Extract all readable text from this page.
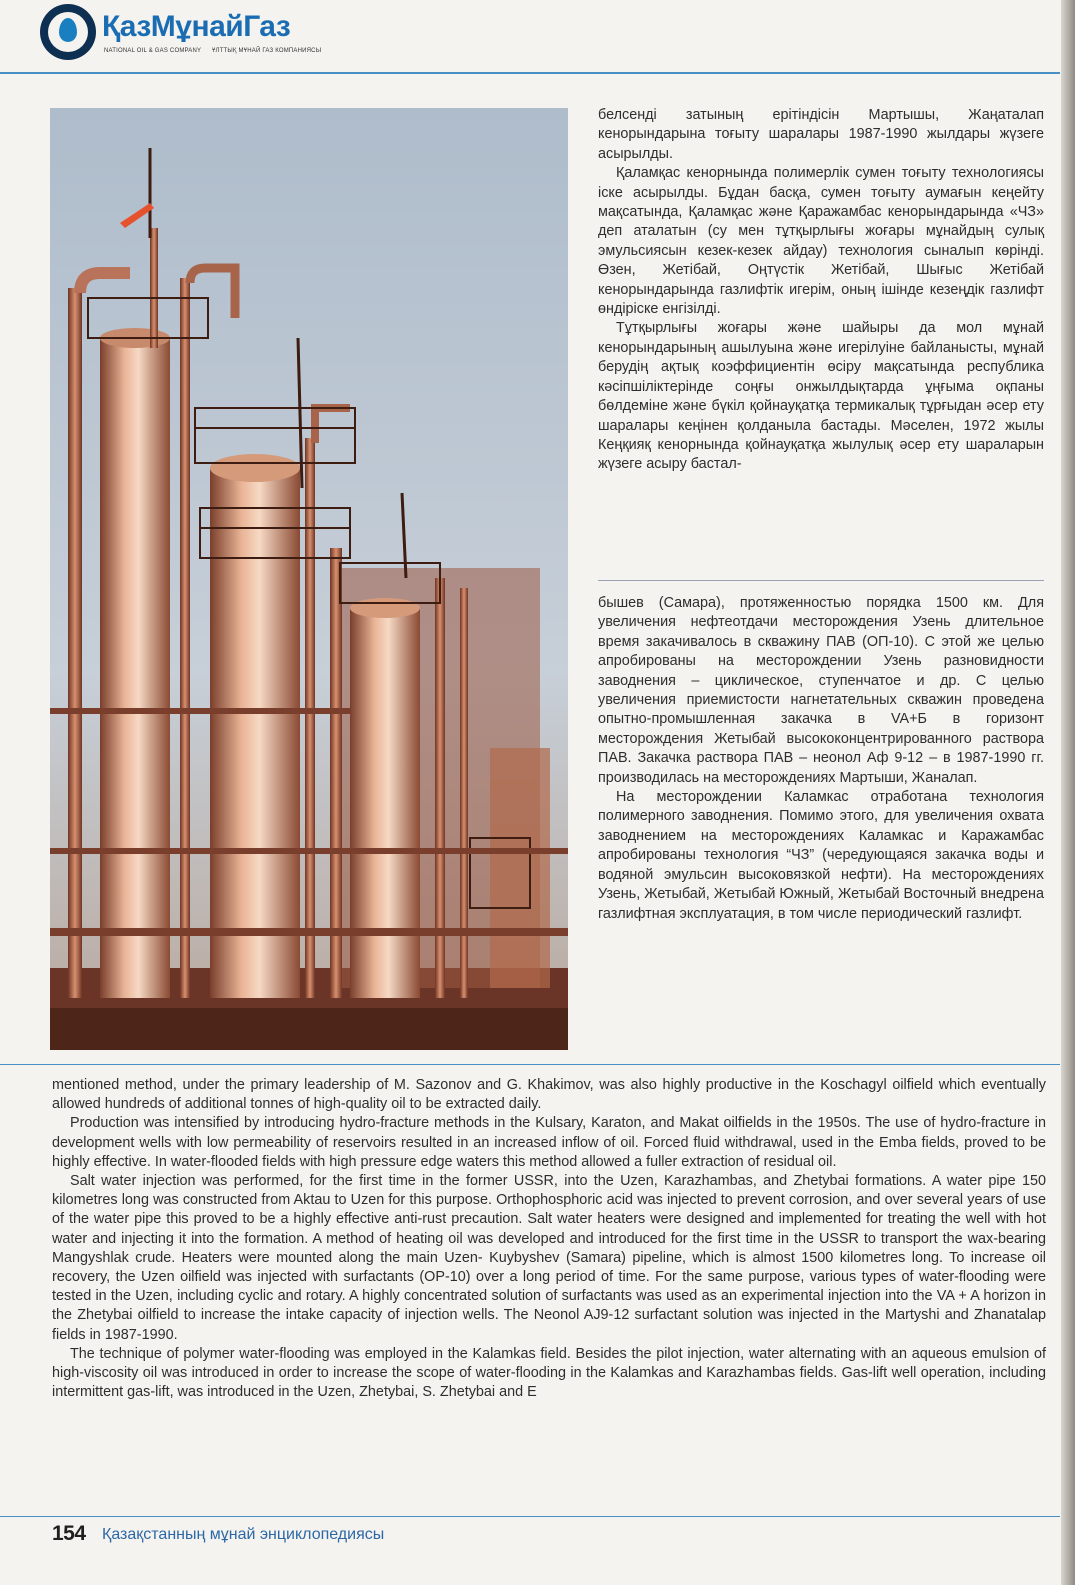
ҚазМұнайГаз
NATIONAL OIL & GAS COMPANY ҰЛТТЫҚ МҰНАЙ ГАЗ КОМПАНИЯСЫ

белсенді затының ерітіндісін Мартышы, Жаңаталап кенорындарына тоғыту шаралары 1987-1990 жылдары жүзеге асырылды.

Қаламқас кенорнында полимерлік сумен тоғыту технологиясы іске асырылды. Бұдан басқа, сумен тоғыту аумағын кеңейту мақсатында, Қаламқас және Қаражамбас кенорындарында «ЧЗ» деп аталатын (су мен тұтқырлығы жоғары мұнайдың сулық эмульсиясын кезек-кезек айдау) технология сыналып көрінді. Өзен, Жетібай, Оңтүстік Жетібай, Шығыс Жетібай кенорындарында газлифтік игерім, оның ішінде кезеңдік газлифт өндіріске енгізілді.

Тұтқырлығы жоғары және шайыры да мол мұнай кенорындарының ашылуына және игерілуіне байланысты, мұнай берудің ақтық коэффициентін өсіру мақсатында республика кәсіпшіліктерінде соңғы онжылдықтарда ұңғыма оқпаны бөлдеміне және бүкіл қойнауқатқа термикалық тұрғыдан әсер ету шаралары кеңінен қолданыла бастады. Мәселен, 1972 жылы Кеңқияқ кенорнында қойнауқатқа жылулық әсер ету шараларын жүзеге асыру бастал-

бышев (Самара), протяженностью порядка 1500 км. Для увеличения нефтеотдачи месторождения Узень длительное время закачивалось в скважину ПАВ (ОП-10). С этой же целью апробированы на месторождении Узень разновидности заводнения – циклическое, ступенчатое и др. С целью увеличения приемистости нагнетательных скважин проведена опытно-промышленная закачка в VA+Б в горизонт месторождения Жетыбай высококонцентрированного раствора ПАВ. Закачка раствора ПАВ – неонол Аф 9-12 – в 1987-1990 гг. производилась на месторождениях Мартыши, Жаналап.

На месторождении Каламкас отработана технология полимерного заводнения. Помимо этого, для увеличения охвата заводнением на месторождениях Каламкас и Каражамбас апробированы технология “ЧЗ” (чередующаяся закачка воды и водяной эмульсин высоковязкой нефти). На месторождениях Узень, Жетыбай, Жетыбай Южный, Жетыбай Восточный внедрена газлифтная эксплуатация, в том числе периодический газлифт.

mentioned method, under the primary leadership of M. Sazonov and G. Khakimov, was also highly productive in the Koschagyl oilfield which eventually allowed hundreds of additional tonnes of high-quality oil to be extracted daily.

Production was intensified by introducing hydro-fracture methods in the Kulsary, Karaton, and Makat oilfields in the 1950s. The use of hydro-fracture in development wells with low permeability of reservoirs resulted in an increased inflow of oil. Forced fluid withdrawal, used in the Emba fields, proved to be highly effective. In water-flooded fields with high pressure edge waters this method allowed a fuller extraction of residual oil.

Salt water injection was performed, for the first time in the former USSR, into the Uzen, Karazhambas, and Zhetybai formations. A water pipe 150 kilometres long was constructed from Aktau to Uzen for this purpose. Orthophosphoric acid was injected to prevent corrosion, and over several years of use of the water pipe this proved to be a highly effective anti-rust precaution. Salt water heaters were designed and implemented for treating the well with hot water and injecting it into the formation. A method of heating oil was developed and introduced for the first time in the USSR to transport the wax-bearing Mangyshlak crude. Heaters were mounted along the main Uzen- Kuybyshev (Samara) pipeline, which is almost 1500 kilometres long. To increase oil recovery, the Uzen oilfield was injected with surfactants (OP-10) over a long period of time. For the same purpose, various types of water-flooding were tested in the Uzen, including cyclic and rotary. A highly concentrated solution of surfactants was used as an experimental injection into the VA + A horizon in the Zhetybai oilfield to increase the intake capacity of injection wells. The Neonol AJ9-12 surfactant solution was injected in the Martyshi and Zhanatalap fields in 1987-1990.

The technique of polymer water-flooding was employed in the Kalamkas field. Besides the pilot injection, water alternating with an aqueous emulsion of high-viscosity oil was introduced in order to increase the scope of water-flooding in the Kalamkas and Karazhambas fields. Gas-lift well operation, including intermittent gas-lift, was introduced in the Uzen, Zhetybai, S. Zhetybai and E

154 Қазақстанның мұнай энциклопедиясы
